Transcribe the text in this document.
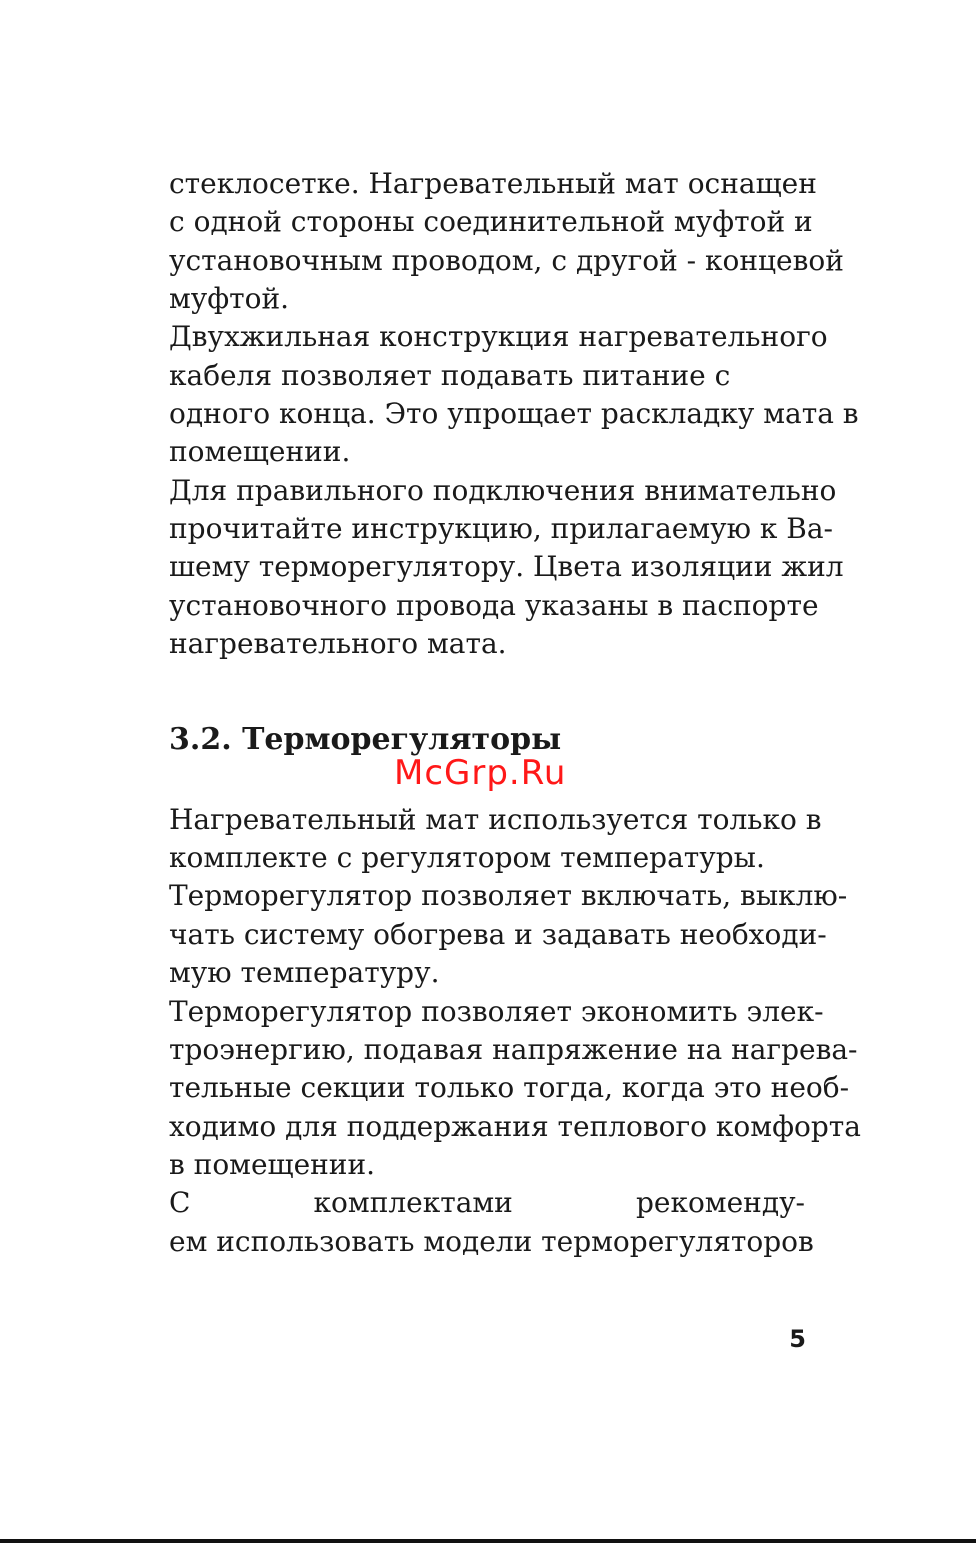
стеклосетке. Нагревательный мат оснащен

с одной стороны соединительной муфтой и

установочным проводом, с другой - концевой

муфтой.

Двухжильная конструкция нагревательного

кабеля позволяет подавать питание с

одного конца. Это упрощает раскладку мата в

помещении.

Для правильного подключения внимательно

прочитайте инструкцию, прилагаемую к Ва-

шему терморегулятору. Цвета изоляции жил

установочного провода указаны в паспорте

нагревательного мата.

3.2. Терморегуляторы
McGrp.Ru

Нагревательный мат используется только в

комплекте с регулятором температуры.

Терморегулятор позволяет включать, выклю-

чать систему обогрева и задавать необходи-

мую температуру.

Терморегулятор позволяет экономить элек-

троэнергию, подавая напряжение на нагрева-

тельные секции только тогда, когда это необ-

ходимо для поддержания теплового комфорта

в помещении.

С комплектами рекоменду-

ем использовать модели терморегуляторов

5
